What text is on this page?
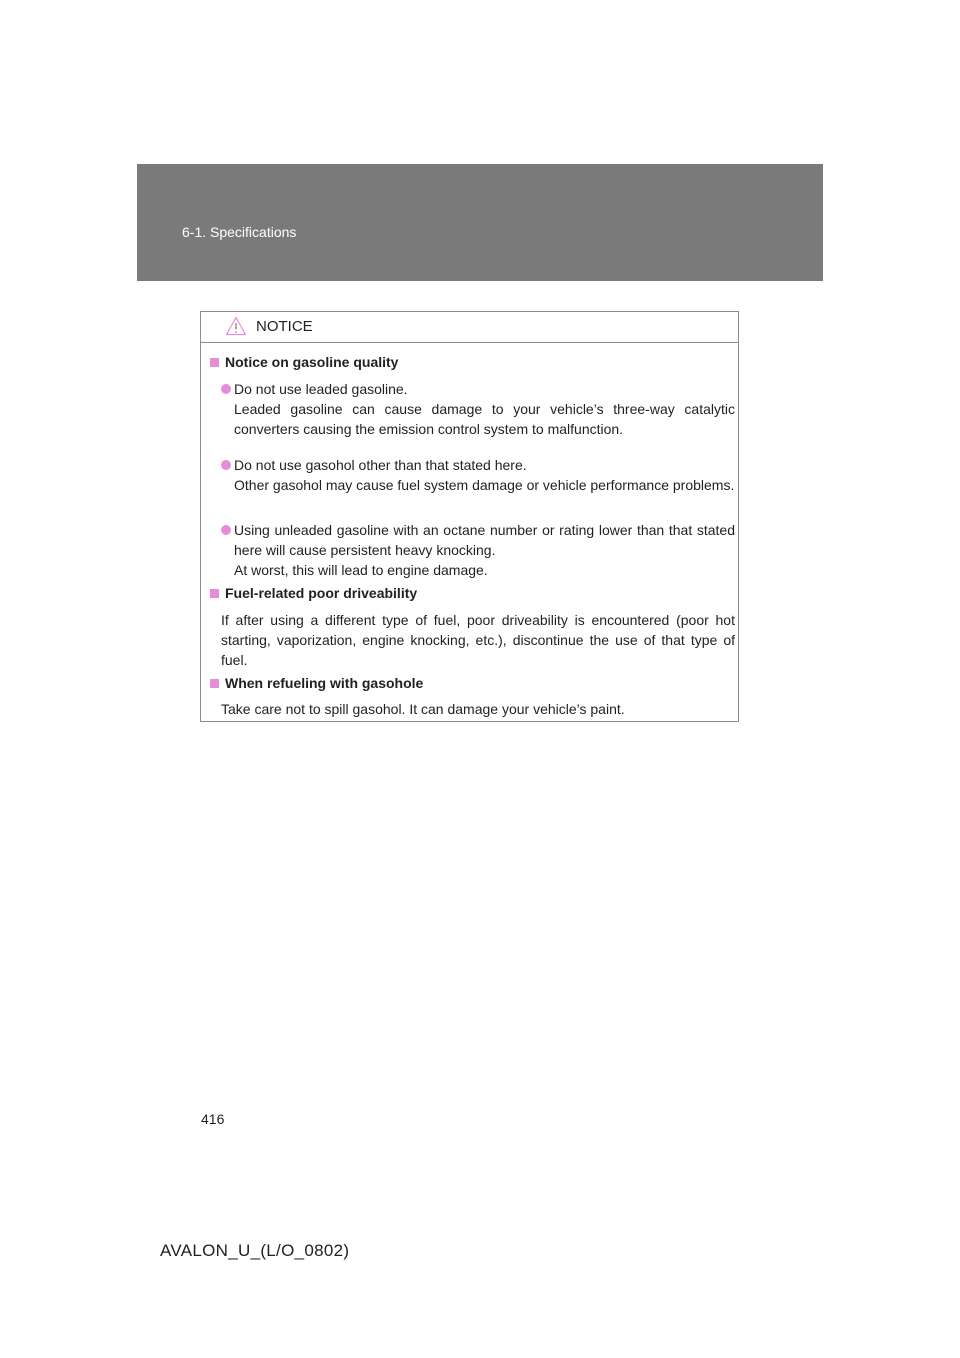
6-1. Specifications
NOTICE
Notice on gasoline quality
Do not use leaded gasoline.
Leaded gasoline can cause damage to your vehicle’s three-way catalytic converters causing the emission control system to malfunction.
Do not use gasohol other than that stated here.
Other gasohol may cause fuel system damage or vehicle performance problems.
Using unleaded gasoline with an octane number or rating lower than that stated here will cause persistent heavy knocking.
At worst, this will lead to engine damage.
Fuel-related poor driveability
If after using a different type of fuel, poor driveability is encountered (poor hot starting, vaporization, engine knocking, etc.), discontinue the use of that type of fuel.
When refueling with gasohole
Take care not to spill gasohol. It can damage your vehicle’s paint.
416
AVALON_U_(L/O_0802)
